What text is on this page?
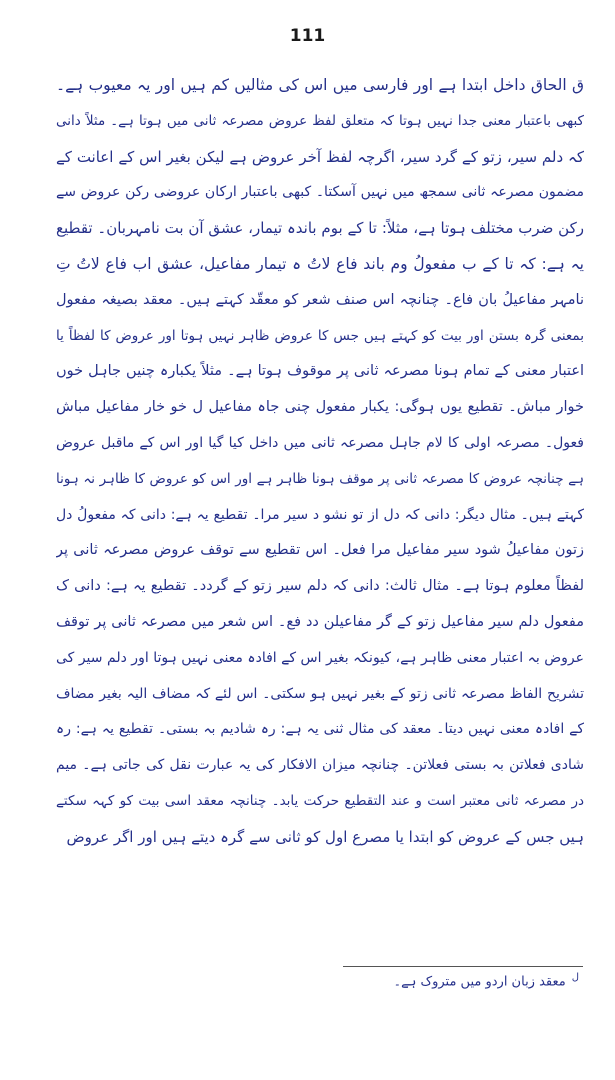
111
ق الحاق داخل ابتدا ہے اور فارسی میں اس کی مثالیں کم ہیں اور یہ معیوب ہے۔
کبھی باعتبار معنی جدا نہیں ہوتا کہ متعلق لفظ عروض مصرعہ ثانی میں ہوتا ہے۔ مثلاً دانی
کہ دلم سیر، زتو کے گرد سیر، اگرچہ لفظ آخر عروض ہے لیکن بغیر اس کے اعانت کے
مضمون مصرعہ ثانی سمجھ میں نہیں آسکتا۔ کبھی باعتبار ارکان عروضی رکن عروض سے
رکن ضرب مختلف ہوتا ہے، مثلاً: تا کے بوم باندہ تیمار، عشق آن بت نامہربان۔ تقطیع
یہ ہے: کہ تا کے ب مفعولُ وم باند فاع لاتُ ہ تیمار مفاعیل، عشق اب فاع لاتُ تِ
نامہر مفاعیلُ بان فاع۔ چنانچہ اس صنف شعر کو معقّد کہتے ہیں۔ معقد بصیغہ مفعول
بمعنی گرہ بستن اور بیت کو کہتے ہیں جس کا عروض ظاہر نہیں ہوتا اور عروض کا لفظاً یا
اعتبار معنی کے تمام ہونا مصرعہ ثانی پر موقوف ہوتا ہے۔ مثلاً یکبارہ چنیں جاہل خوں
خوار مباش۔ تقطیع یوں ہوگی: یکبار مفعول چنی جاہ مفاعیل ل خو خار مفاعیل مباش
فعول۔ مصرعہ اولی کا لام جاہل مصرعہ ثانی میں داخل کیا گیا اور اس کے ماقبل عروض
ہے چنانچہ عروض کا مصرعہ ثانی پر موقف ہونا ظاہر ہے اور اس کو عروض کا ظاہر نہ ہونا
کہتے ہیں۔ مثال دیگر: دانی کہ دل از تو نشو د سیر مرا۔ تقطیع یہ ہے: دانی کہ مفعولُ دل
زتون مفاعیلُ شود سیر مفاعیل مرا فعل۔ اس تقطیع سے توقف عروض مصرعہ ثانی پر
لفظاً معلوم ہوتا ہے۔ مثال ثالث: دانی کہ دلم سیر زتو کے گردد۔ تقطیع یہ ہے: دانی ک
مفعول دلم سیر مفاعیل زتو کے گر مفاعیلن دد فع۔ اس شعر میں مصرعہ ثانی پر توقف
عروض بہ اعتبار معنی ظاہر ہے، کیونکہ بغیر اس کے افادہ معنی نہیں ہوتا اور دلم سیر کی
تشریح الفاظ مصرعہ ثانی زتو کے بغیر نہیں ہو سکتی۔ اس لئے کہ مضاف الیہ بغیر مضاف
کے افادہ معنی نہیں دیتا۔ معقد کی مثال ثنی یہ ہے: رہ شادیم بہ بستی۔ تقطیع یہ ہے: رہ
شادی فعلاتن بہ بستی فعلاتن۔ چنانچہ میزان الافکار کی یہ عبارت نقل کی جاتی ہے۔ میم
در مصرعہ ثانی معتبر است و عند التقطیع حرکت یابد۔ چنانچہ معقد اسی بیت کو کہہ سکتے
ہیں جس کے عروض کو ابتدا یا مصرع اول کو ثانی سے گرہ دیتے ہیں اور اگر عروض
لمعقد زبان اردو میں متروک ہے۔
